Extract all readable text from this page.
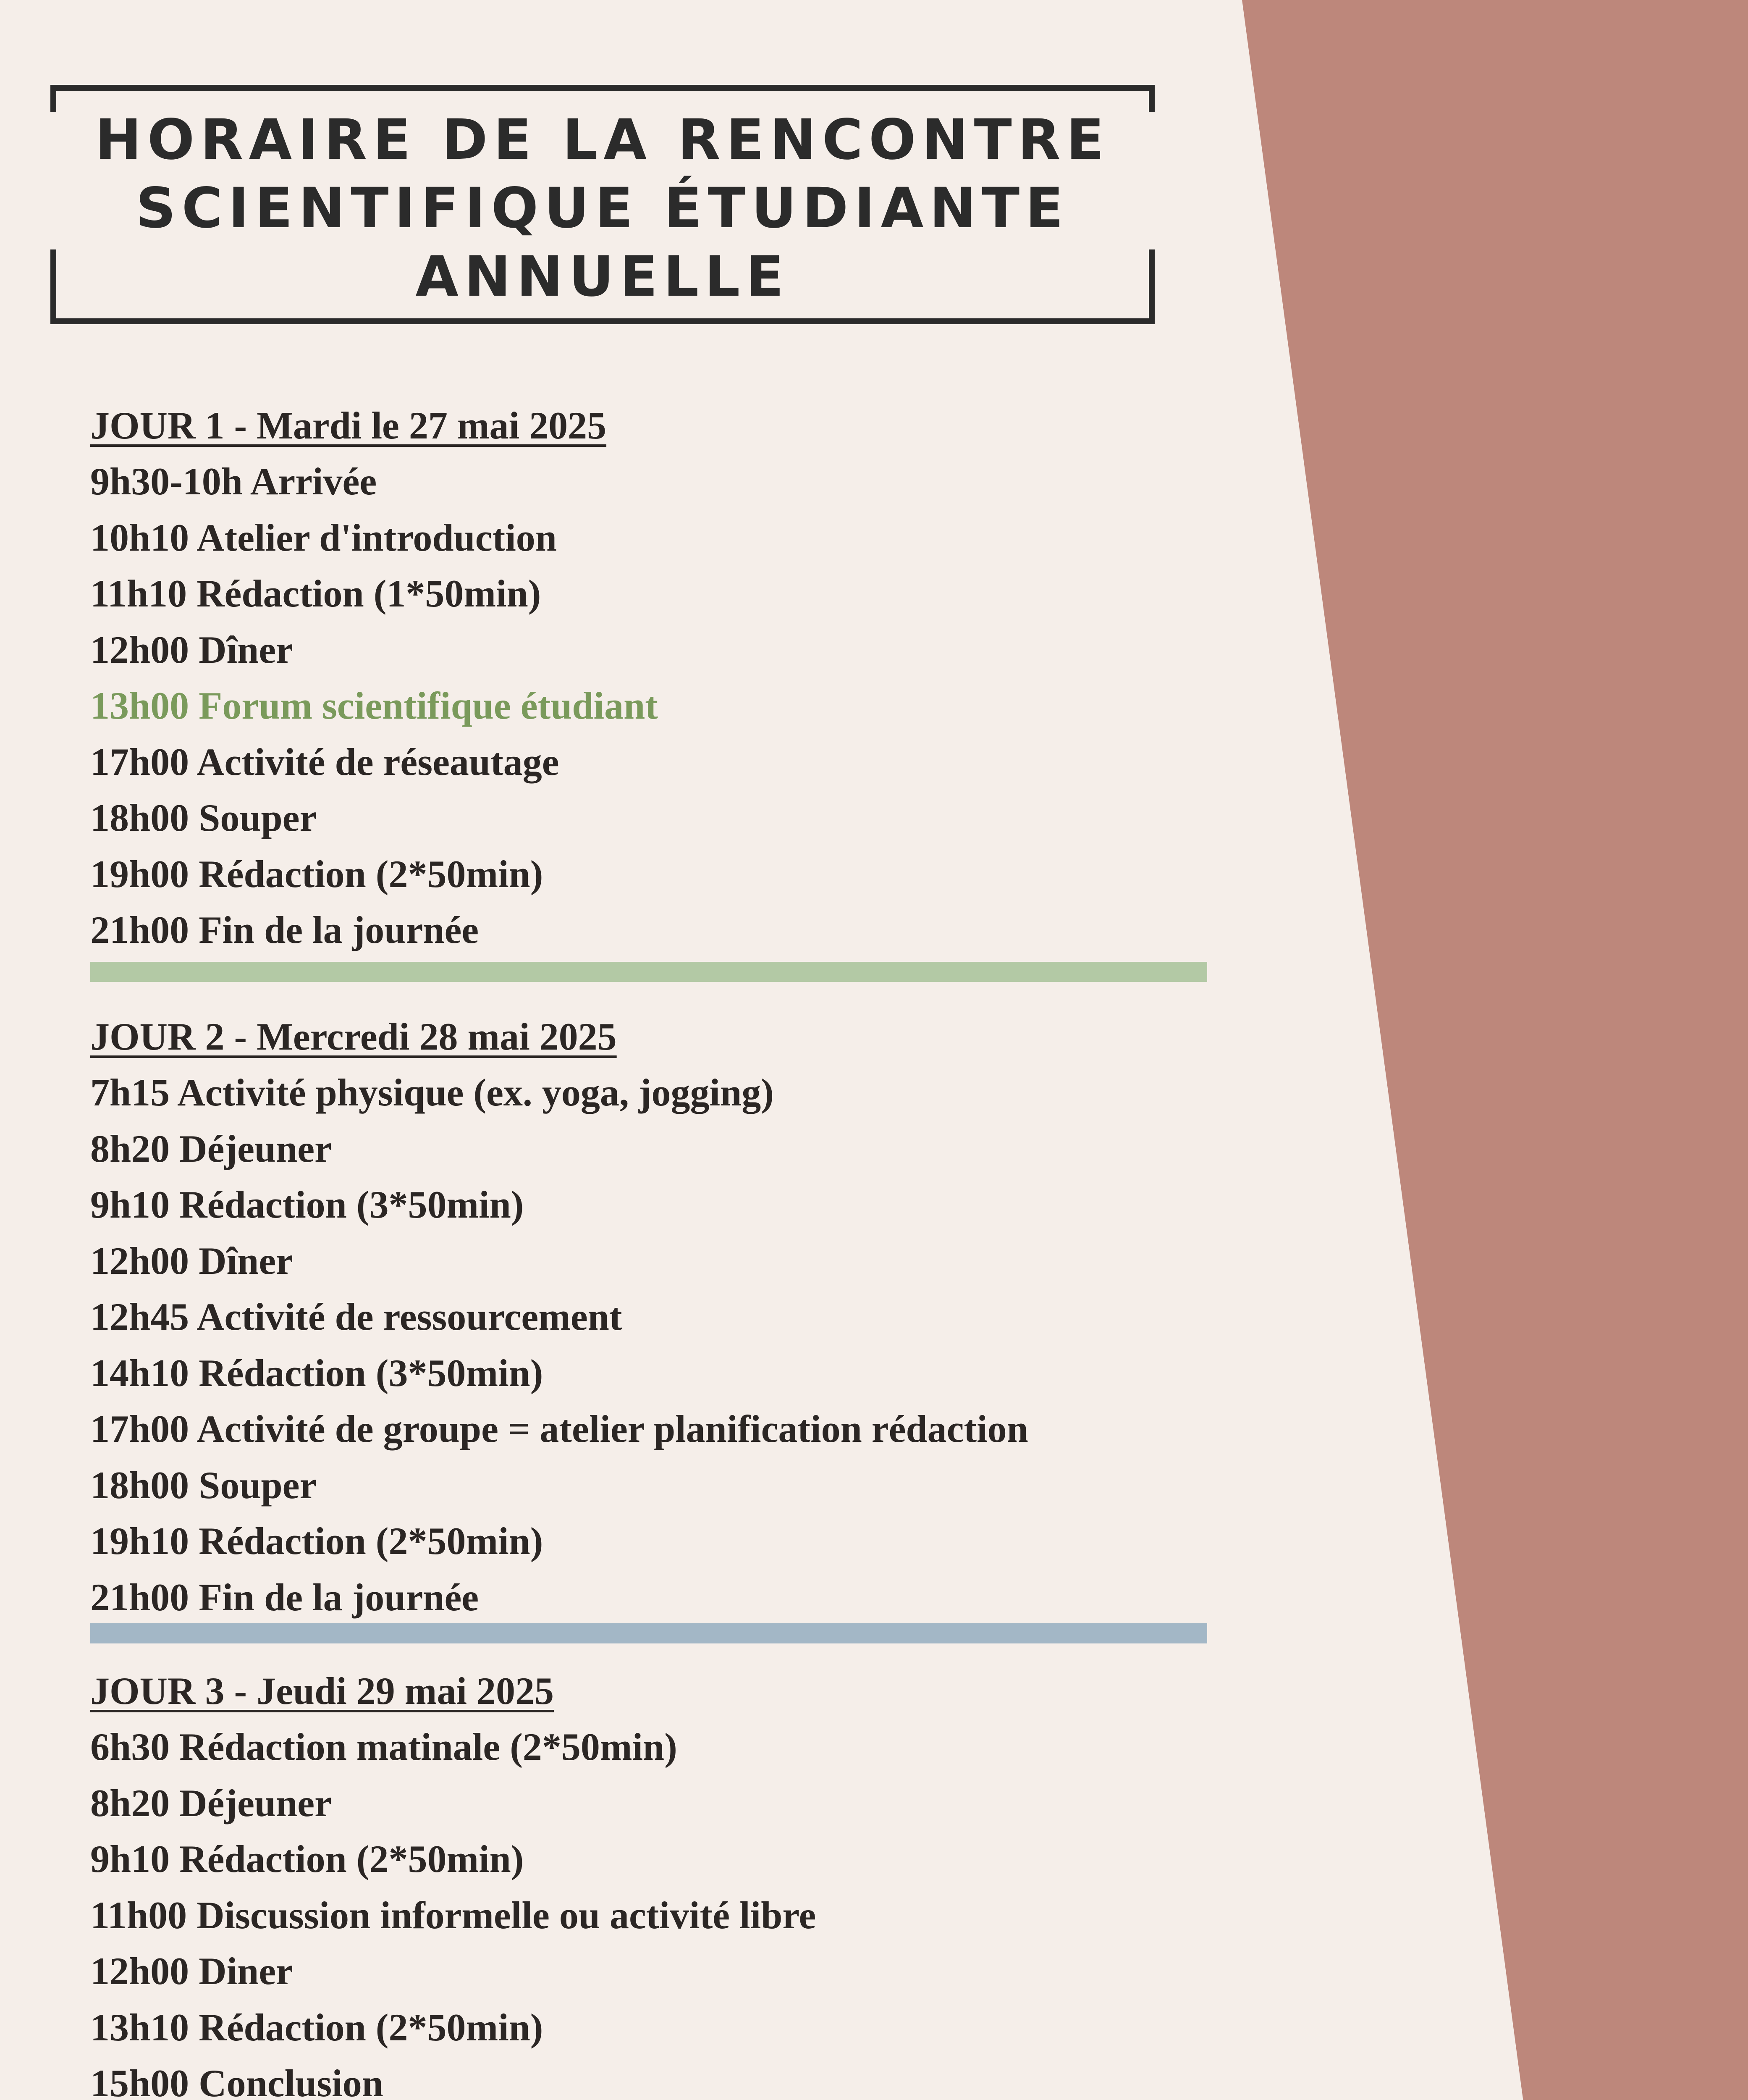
HORAIRE DE LA RENCONTRE
SCIENTIFIQUE ÉTUDIANTE
ANNUELLE
JOUR 1 - Mardi le 27 mai 2025
9h30-10h Arrivée
10h10 Atelier d'introduction
11h10 Rédaction (1*50min)
12h00 Dîner
13h00 Forum scientifique étudiant
17h00 Activité de réseautage
18h00 Souper
19h00 Rédaction (2*50min)
21h00 Fin de la journée
JOUR 2 - Mercredi 28 mai 2025
7h15 Activité physique (ex. yoga, jogging)
8h20 Déjeuner
9h10 Rédaction (3*50min)
12h00 Dîner
12h45 Activité de ressourcement
14h10 Rédaction (3*50min)
17h00 Activité de groupe = atelier planification rédaction
18h00 Souper
19h10 Rédaction (2*50min)
21h00 Fin de la journée
JOUR 3 - Jeudi 29 mai 2025
6h30 Rédaction matinale (2*50min)
8h20 Déjeuner
9h10 Rédaction (2*50min)
11h00 Discussion informelle ou activité libre
12h00 Diner
13h10 Rédaction (2*50min)
15h00 Conclusion
